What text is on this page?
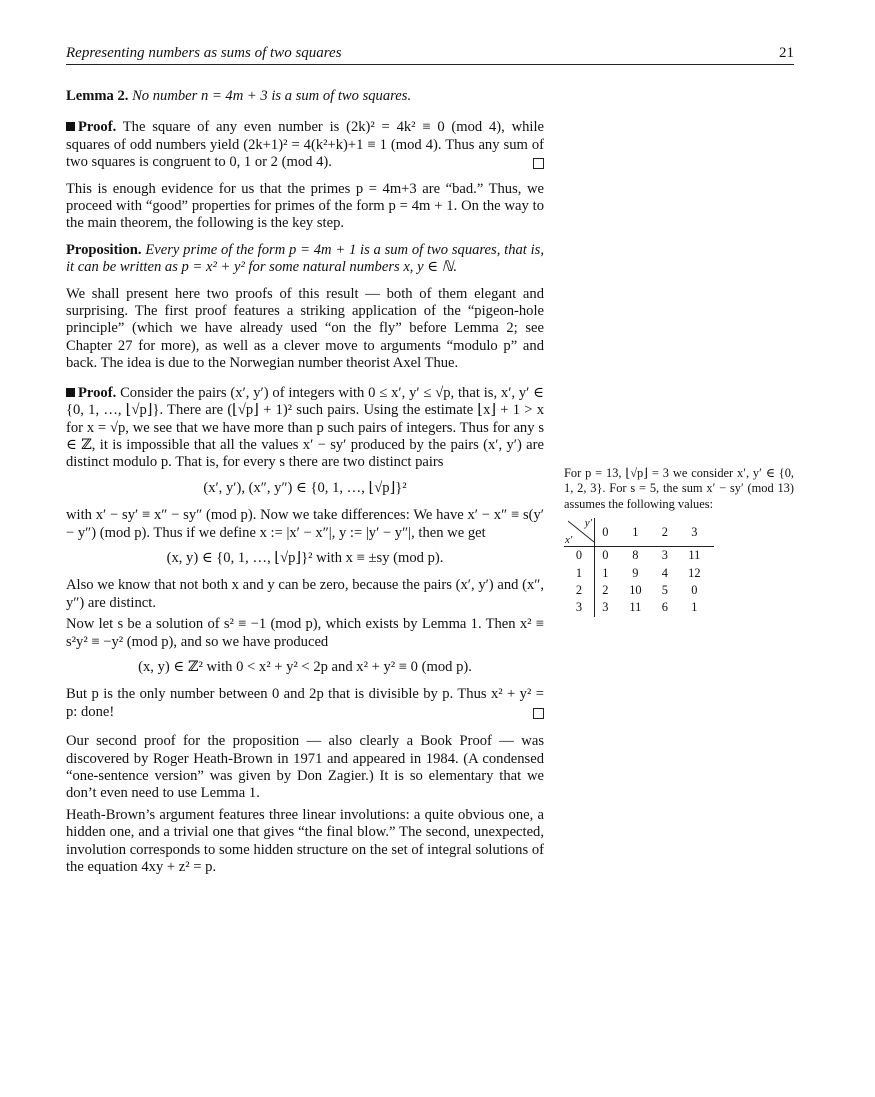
Representing numbers as sums of two squares	21

Lemma 2. No number n = 4m + 3 is a sum of two squares.

Proof. The square of any even number is (2k)² = 4k² ≡ 0 (mod 4), while squares of odd numbers yield (2k+1)² = 4(k²+k)+1 ≡ 1 (mod 4). Thus any sum of two squares is congruent to 0, 1 or 2 (mod 4).

This is enough evidence for us that the primes p = 4m+3 are “bad.” Thus, we proceed with “good” properties for primes of the form p = 4m + 1. On the way to the main theorem, the following is the key step.

Proposition. Every prime of the form p = 4m + 1 is a sum of two squares, that is, it can be written as p = x² + y² for some natural numbers x, y ∈ ℕ.

We shall present here two proofs of this result — both of them elegant and surprising. The first proof features a striking application of the “pigeon-hole principle” (which we have already used “on the fly” before Lemma 2; see Chapter 27 for more), as well as a clever move to arguments “modulo p” and back. The idea is due to the Norwegian number theorist Axel Thue.

Proof. Consider the pairs (x′, y′) of integers with 0 ≤ x′, y′ ≤ √p, that is, x′, y′ ∈ {0, 1, …, ⌊√p⌋}. There are (⌊√p⌋ + 1)² such pairs. Using the estimate ⌊x⌋ + 1 > x for x = √p, we see that we have more than p such pairs of integers. Thus for any s ∈ ℤ, it is impossible that all the values x′ − sy′ produced by the pairs (x′, y′) are distinct modulo p. That is, for every s there are two distinct pairs

(x′, y′), (x″, y″) ∈ {0, 1, …, ⌊√p⌋}²

with x′ − sy′ ≡ x″ − sy″ (mod p). Now we take differences: We have x′ − x″ ≡ s(y′ − y″) (mod p). Thus if we define x := |x′ − x″|, y := |y′ − y″|, then we get

(x, y) ∈ {0, 1, …, ⌊√p⌋}² with x ≡ ±sy (mod p).

Also we know that not both x and y can be zero, because the pairs (x′, y′) and (x″, y″) are distinct.

Now let s be a solution of s² ≡ −1 (mod p), which exists by Lemma 1. Then x² ≡ s²y² ≡ −y² (mod p), and so we have produced

(x, y) ∈ ℤ² with 0 < x² + y² < 2p and x² + y² ≡ 0 (mod p).

But p is the only number between 0 and 2p that is divisible by p. Thus x² + y² = p: done!

Our second proof for the proposition — also clearly a Book Proof — was discovered by Roger Heath-Brown in 1971 and appeared in 1984. (A condensed “one-sentence version” was given by Don Zagier.) It is so elementary that we don’t even need to use Lemma 1.

Heath-Brown’s argument features three linear involutions: a quite obvious one, a hidden one, and a trivial one that gives “the final blow.” The second, unexpected, involution corresponds to some hidden structure on the set of integral solutions of the equation 4xy + z² = p.

For p = 13, ⌊√p⌋ = 3 we consider x′, y′ ∈ {0, 1, 2, 3}. For s = 5, the sum x′ − sy′ (mod 13) assumes the following values:

y′
x′	0	1	2	3
0	0	8	3	11
1	1	9	4	12
2	2	10	5	0
3	3	11	6	1
